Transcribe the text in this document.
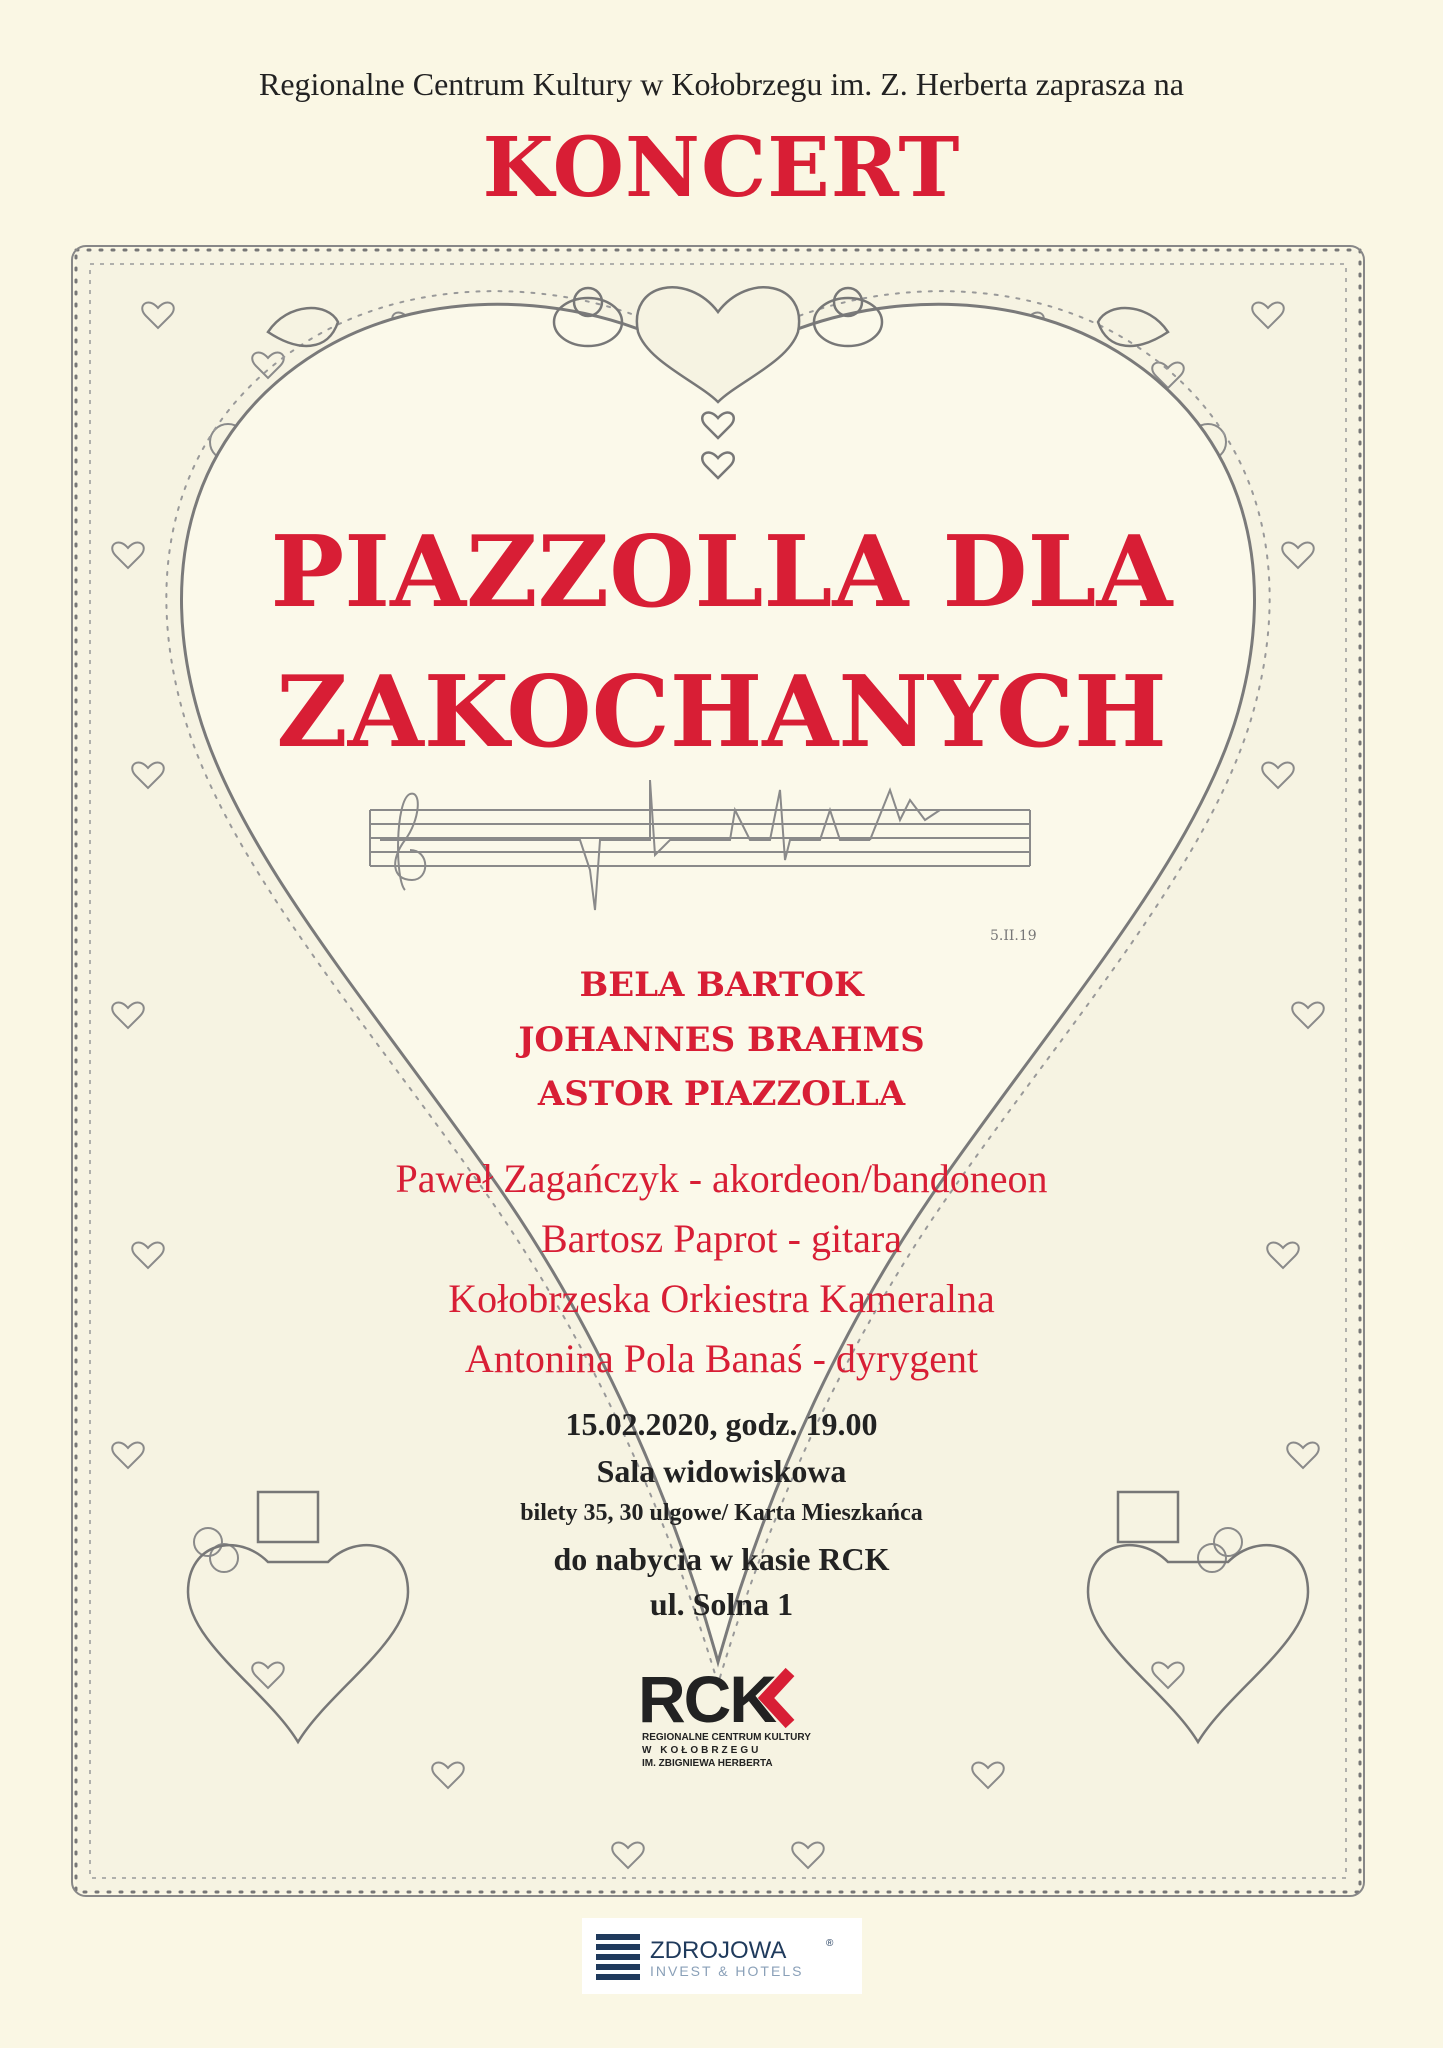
Regionalne Centrum Kultury w Kołobrzegu im. Z. Herberta zaprasza na
KONCERT
PIAZZOLLA DLA
ZAKOCHANYCH
5.II.19
BELA BARTOK
JOHANNES BRAHMS
ASTOR PIAZZOLLA
Paweł Zagańczyk - akordeon/bandoneon
Bartosz Paprot - gitara
Kołobrzeska Orkiestra Kameralna
Antonina Pola Banaś - dyrygent
15.02.2020, godz. 19.00
Sala widowiskowa
bilety 35, 30 ulgowe/ Karta Mieszkańca
do nabycia w kasie RCK
ul. Solna 1
RCK
REGIONALNE CENTRUM KULTURY
W KOŁOBRZEGU
IM. ZBIGNIEWA HERBERTA
ZDROJOWA	®
INVEST & HOTELS
